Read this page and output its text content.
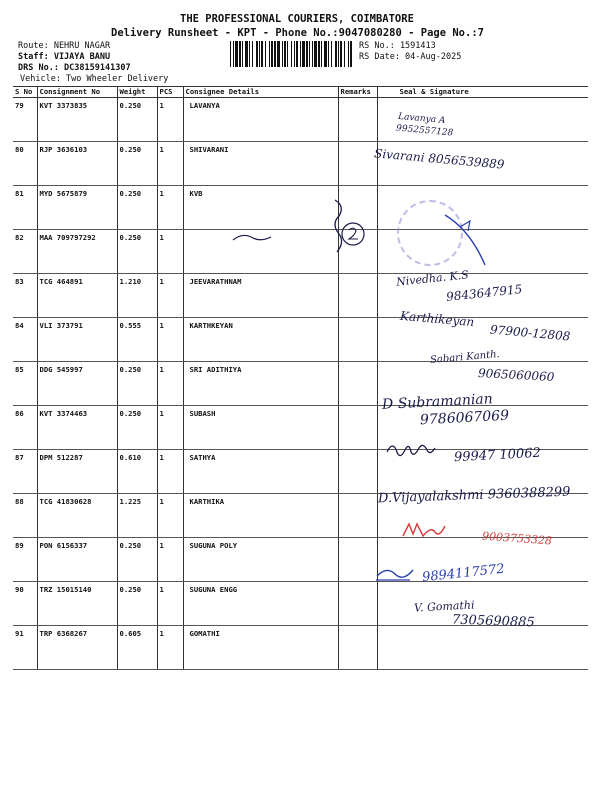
THE PROFESSIONAL COURIERS, COIMBATORE
Delivery Runsheet - KPT - Phone No.:9047080280 - Page No.:7
Route: NEHRU NAGAR
Staff: VIJAYA BANU
DRS No.: DC38159141307
Vehicle: Two Wheeler Delivery
RS No.: 1591413
RS Date: 04-Aug-2025
S No	Consignment No	Weight	PCS	Consignee Details	Remarks	Seal & Signature
79	KVT 3373835	0.250	1	LAVANYA		
80	RJP 3636103	0.250	1	SHIVARANI		
81	MYD 5675879	0.250	1	KVB		
82	MAA 709797292	0.250	1			
83	TCG 464891	1.210	1	JEEVARATHNAM		
84	VLI 373791	0.555	1	KARTHKEYAN		
85	DDG 545997	0.250	1	SRI ADITHIYA		
86	KVT 3374463	0.250	1	SUBASH		
87	DPM 512287	0.610	1	SATHYA		
88	TCG 41830628	1.225	1	KARTHIKA		
89	PON 6156337	0.250	1	SUGUNA POLY		
90	TRZ 15015140	0.250	1	SUGUNA ENGG		
91	TRP 6368267	0.605	1	GOMATHI		
Lavanya A
9952557128
Sivarani 8056539889
Nivedha. K.S
9843647915
Karthikeyan
97900-12808
Sabari Kanth.
9065060060
D Subramanian
9786067069
99947 10062
D.Vijayalakshmi 9360388299
9003753328
9894117572
V. Gomathi
7305690885
